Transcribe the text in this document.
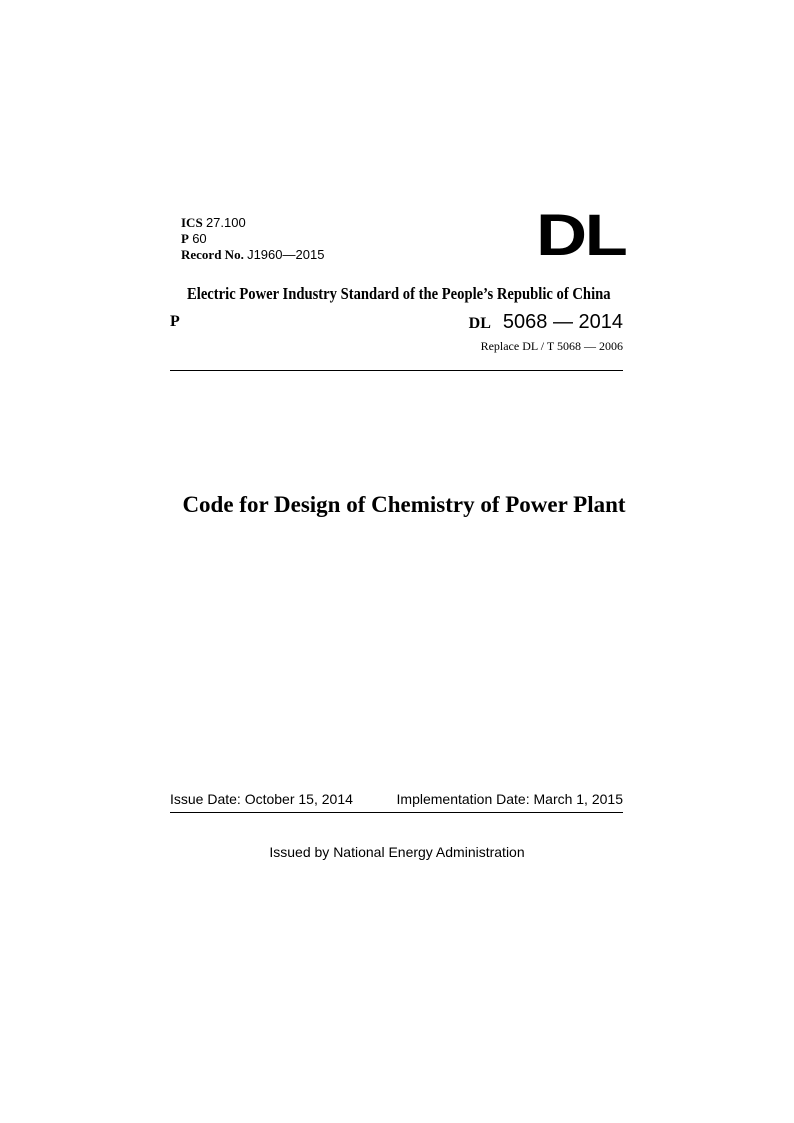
ICS 27.100
P 60
Record No. J1960—2015	DL
Electric Power Industry Standard of the People’s Republic of China
P	DL 5068 — 2014
Replace DL / T 5068 — 2006
Code for Design of Chemistry of Power Plant
Issue Date: October 15, 2014	Implementation Date: March 1, 2015
Issued by National Energy Administration
